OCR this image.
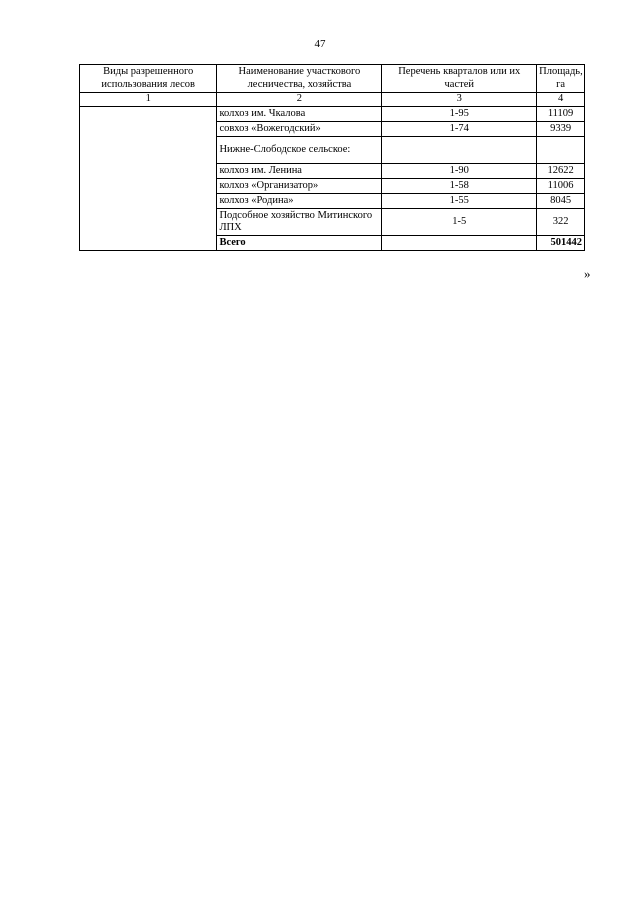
47
Виды разрешенного использования лесов	Наименование участкового лесничества, хозяйства	Перечень кварталов или их частей	Площадь, га
1	2	3	4
	колхоз им. Чкалова	1-95	11109
	совхоз «Вожегодский»	1-74	9339
	Нижне-Слободское сельское:		
	колхоз им. Ленина	1-90	12622
	колхоз «Организатор»	1-58	11006
	колхоз «Родина»	1-55	8045
	Подсобное хозяйство Митинского ЛПХ	1-5	322
	Всего		501442
»
